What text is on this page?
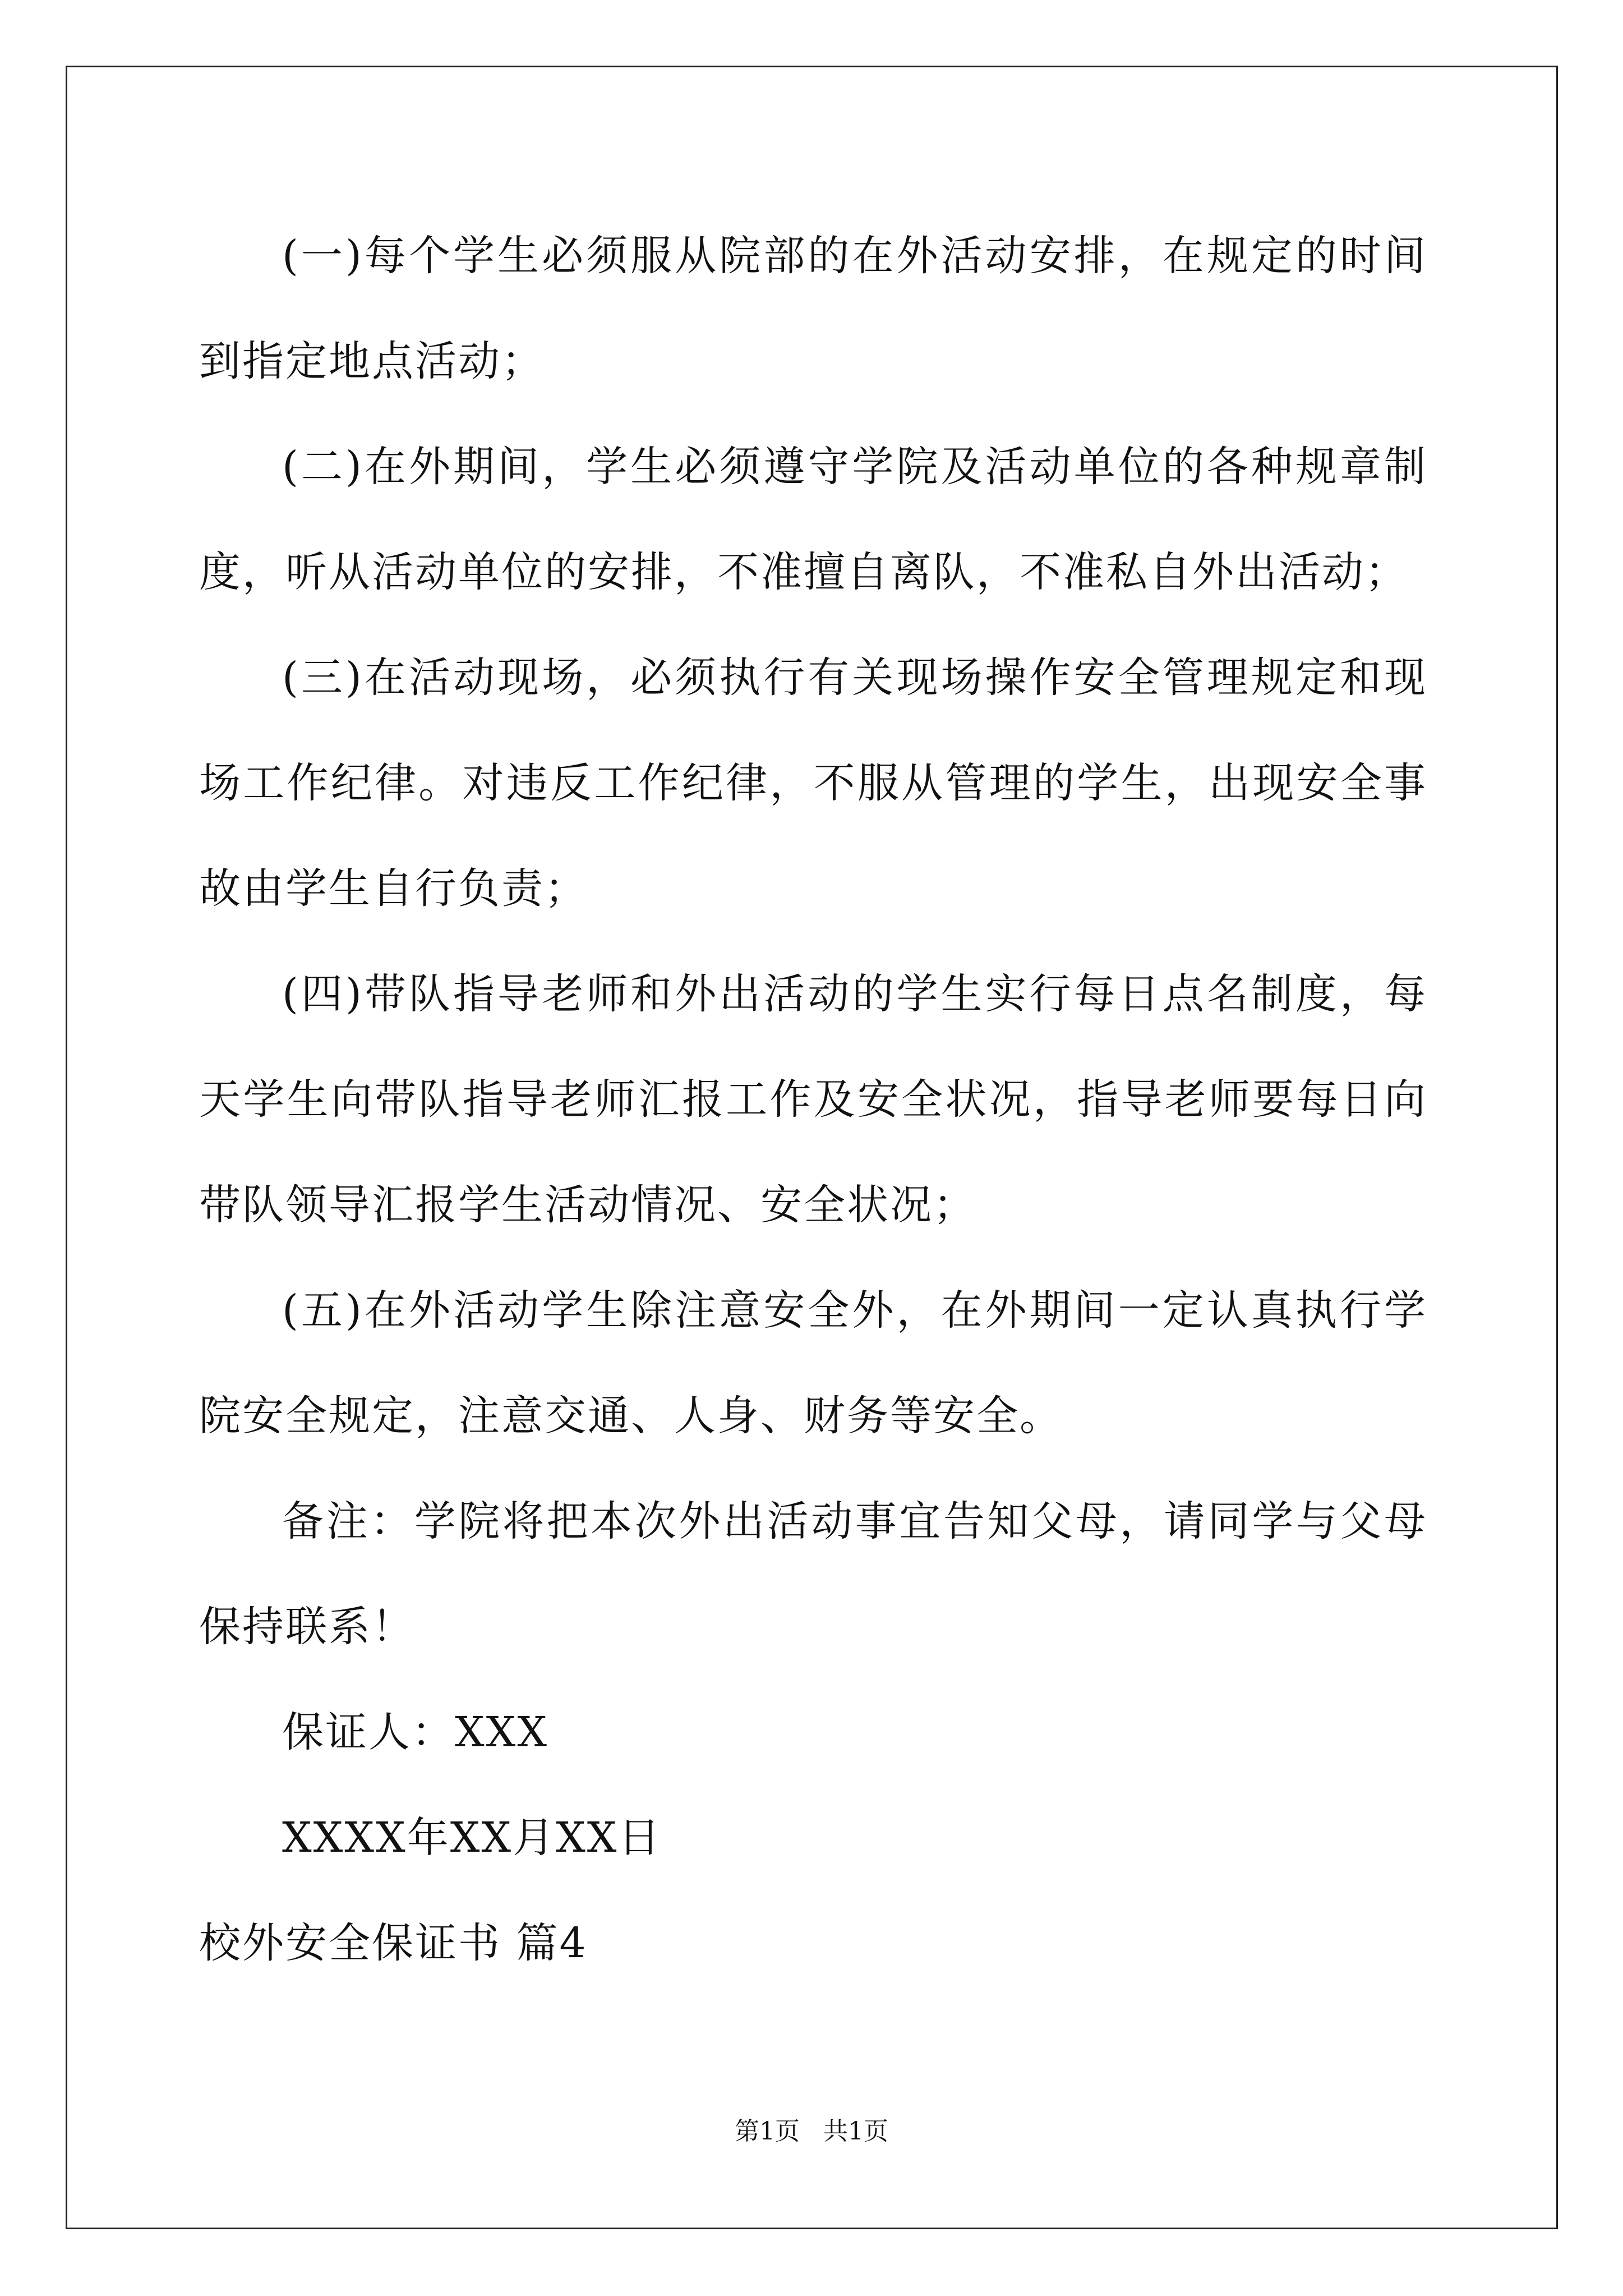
(一)每个学生必须服从院部的在外活动安排，在规定的时间到指定地点活动；

(二)在外期间，学生必须遵守学院及活动单位的各种规章制度，听从活动单位的安排，不准擅自离队，不准私自外出活动；

(三)在活动现场，必须执行有关现场操作安全管理规定和现场工作纪律。对违反工作纪律，不服从管理的学生，出现安全事故由学生自行负责；

(四)带队指导老师和外出活动的学生实行每日点名制度，每天学生向带队指导老师汇报工作及安全状况，指导老师要每日向带队领导汇报学生活动情况、安全状况；

(五)在外活动学生除注意安全外，在外期间一定认真执行学院安全规定，注意交通、人身、财务等安全。

备注：学院将把本次外出活动事宜告知父母，请同学与父母保持联系！

保证人：XXX

XXXX年XX月XX日

校外安全保证书 篇4

第1页 共1页
